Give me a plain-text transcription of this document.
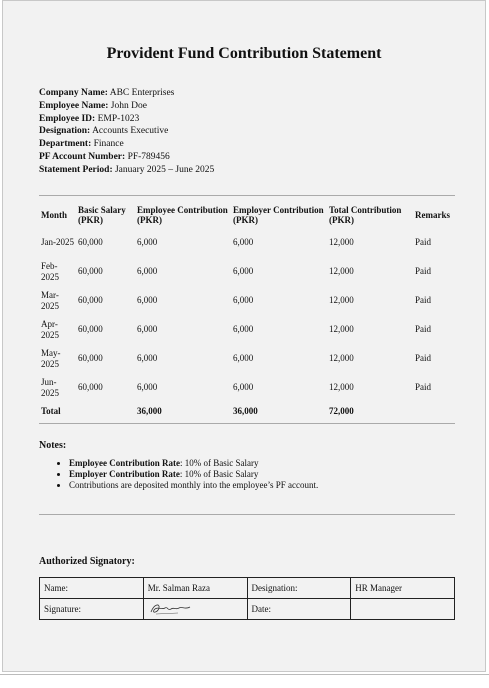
Provident Fund Contribution Statement
Company Name: ABC Enterprises
Employee Name: John Doe
Employee ID: EMP-1023
Designation: Accounts Executive
Department: Finance
PF Account Number: PF-789456
Statement Period: January 2025 – June 2025
Month	Basic Salary (PKR)	Employee Contribution (PKR)	Employer Contribution (PKR)	Total Contribution (PKR)	Remarks
Jan-2025	60,000	6,000	6,000	12,000	Paid
Feb-2025	60,000	6,000	6,000	12,000	Paid
Mar-2025	60,000	6,000	6,000	12,000	Paid
Apr-2025	60,000	6,000	6,000	12,000	Paid
May-2025	60,000	6,000	6,000	12,000	Paid
Jun-2025	60,000	6,000	6,000	12,000	Paid
Total		36,000	36,000	72,000	
Notes:
• Employee Contribution Rate: 10% of Basic Salary
• Employer Contribution Rate: 10% of Basic Salary
• Contributions are deposited monthly into the employee’s PF account.
Authorized Signatory:
Name:	Mr. Salman Raza	Designation:	HR Manager
Signature:		Date:	
